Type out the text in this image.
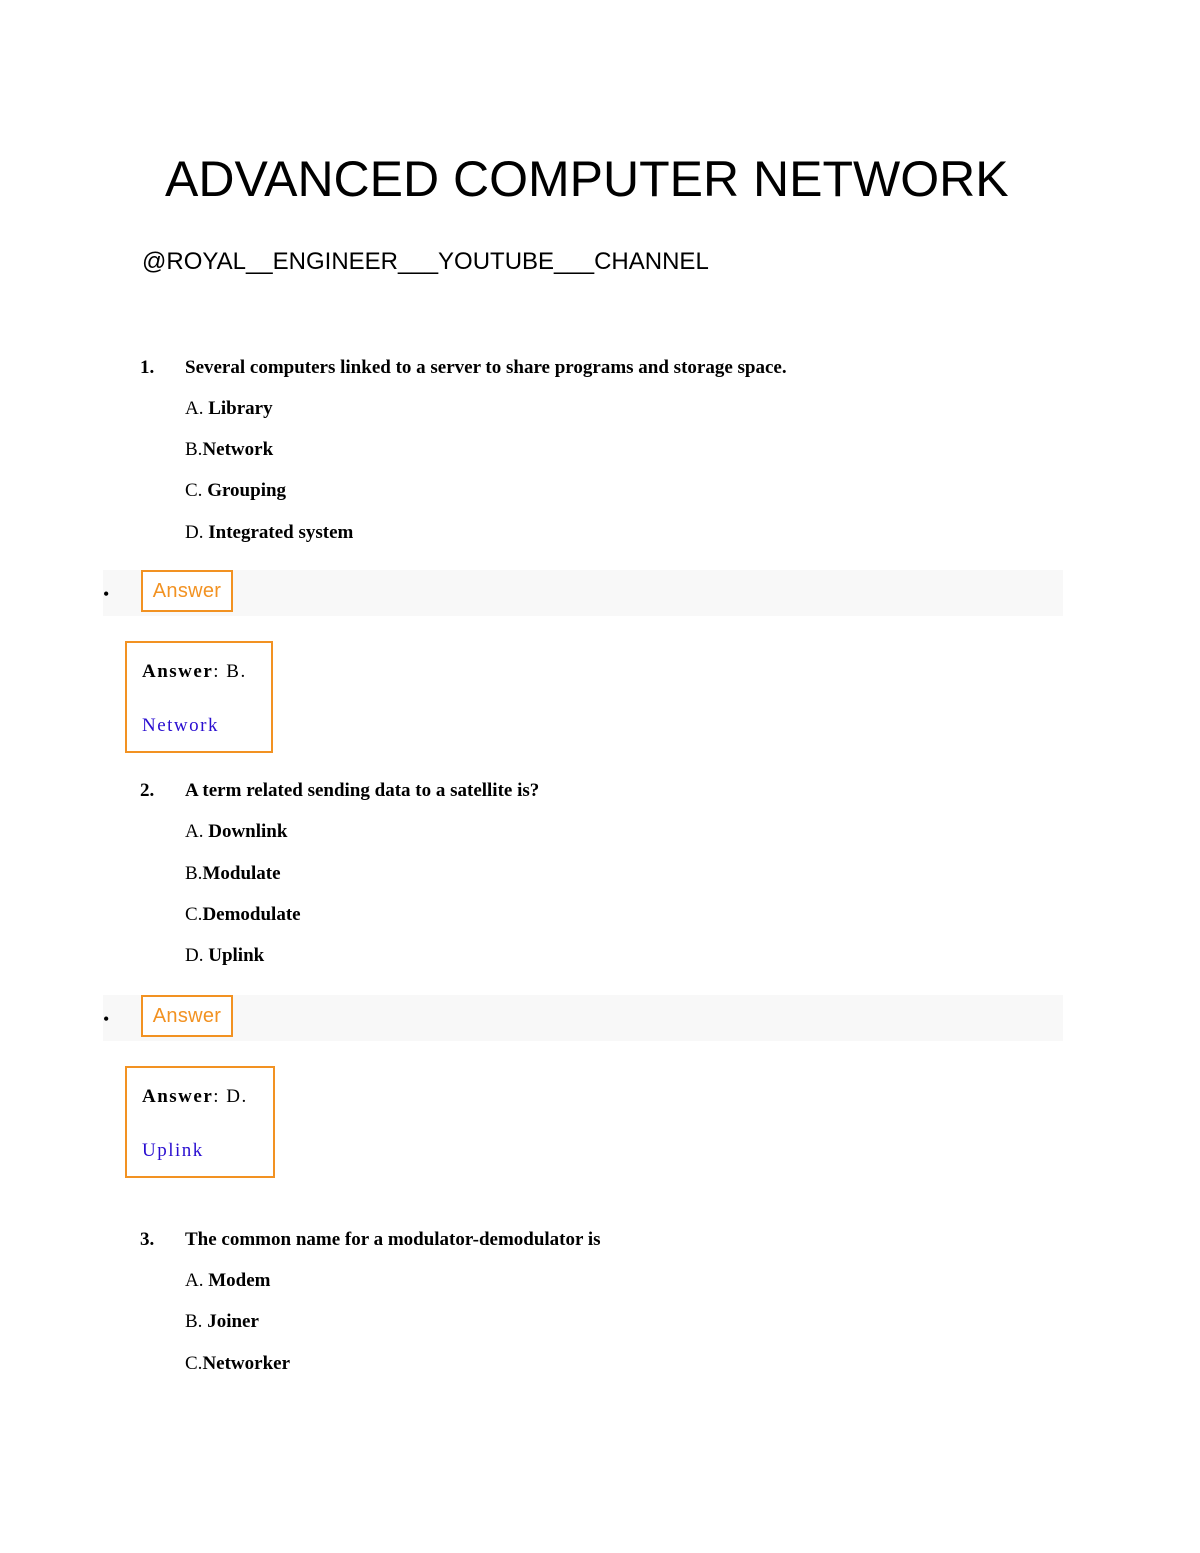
ADVANCED COMPUTER NETWORK
@ROYAL__ENGINEER___YOUTUBE___CHANNEL
1. Several computers linked to a server to share programs and storage space.
A. Library
B.Network
C. Grouping
D. Integrated system
•	Answer
Answer: B.
Network
2. A term related sending data to a satellite is?
A. Downlink
B.Modulate
C.Demodulate
D. Uplink
•	Answer
Answer: D.
Uplink
3. The common name for a modulator-demodulator is
A. Modem
B. Joiner
C.Networker
